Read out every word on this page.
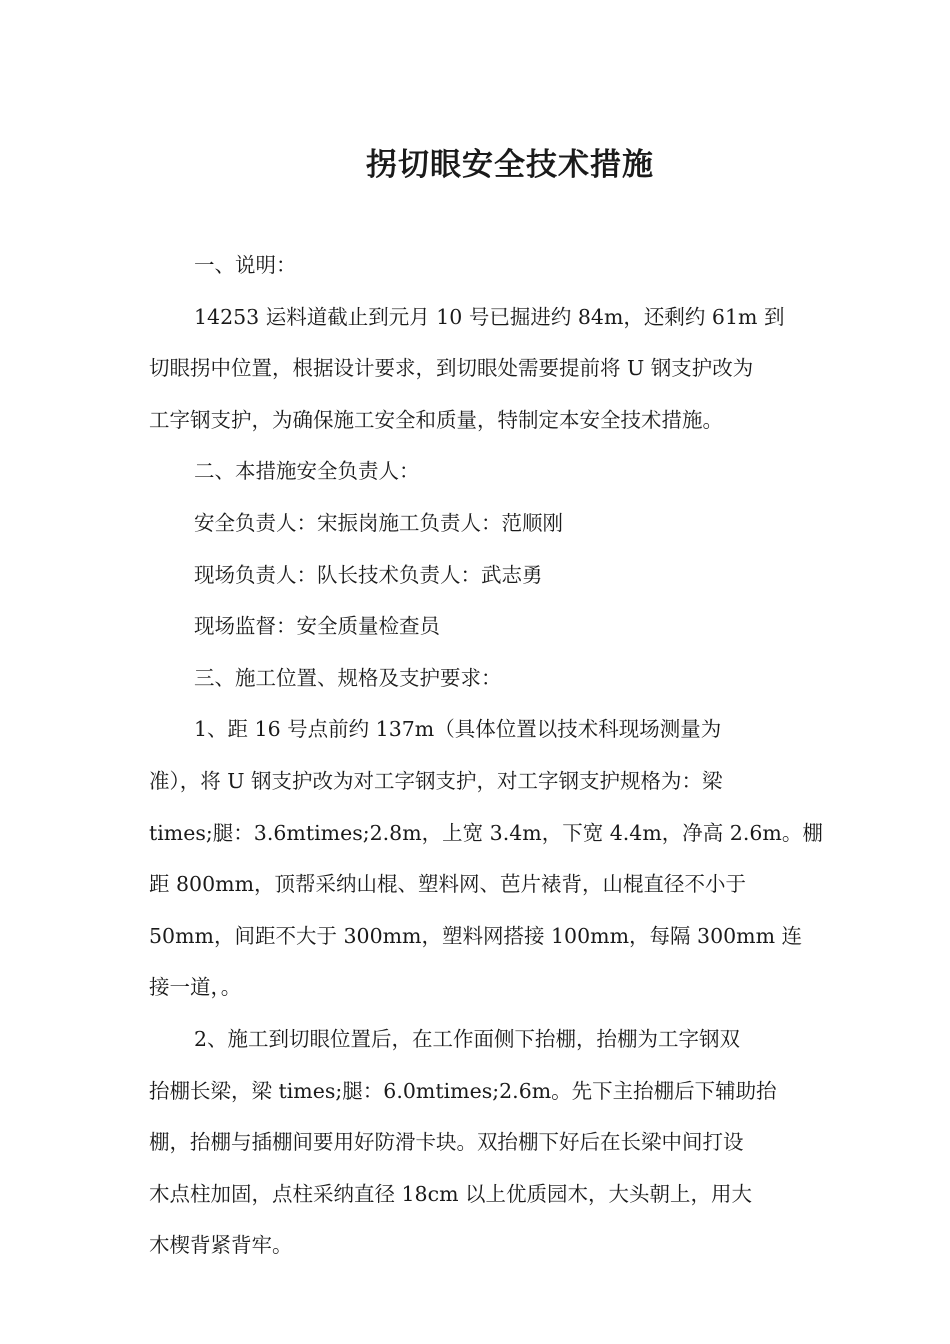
拐切眼安全技术措施

一、说明：

14253 运料道截止到元月 10 号已掘进约 84m，还剩约 61m 到

切眼拐中位置，根据设计要求，到切眼处需要提前将 U 钢支护改为

工字钢支护，为确保施工安全和质量，特制定本安全技术措施。

二、本措施安全负责人：

安全负责人：宋振岗施工负责人：范顺刚

现场负责人：队长技术负责人：武志勇

现场监督：安全质量检查员

三、施工位置、规格及支护要求：

1、距 16 号点前约 137m（具体位置以技术科现场测量为

准），将 U 钢支护改为对工字钢支护，对工字钢支护规格为：梁

times;腿：3.6mtimes;2.8m，上宽 3.4m，下宽 4.4m，净高 2.6m。棚

距 800mm，顶帮采纳山棍、塑料网、芭片裱背，山棍直径不小于

50mm，间距不大于 300mm，塑料网搭接 100mm，每隔 300mm 连

接一道，。

2、施工到切眼位置后，在工作面侧下抬棚，抬棚为工字钢双

抬棚长梁，梁 times;腿：6.0mtimes;2.6m。先下主抬棚后下辅助抬

棚，抬棚与插棚间要用好防滑卡块。双抬棚下好后在长梁中间打设

木点柱加固，点柱采纳直径 18cm 以上优质园木，大头朝上，用大

木楔背紧背牢。
